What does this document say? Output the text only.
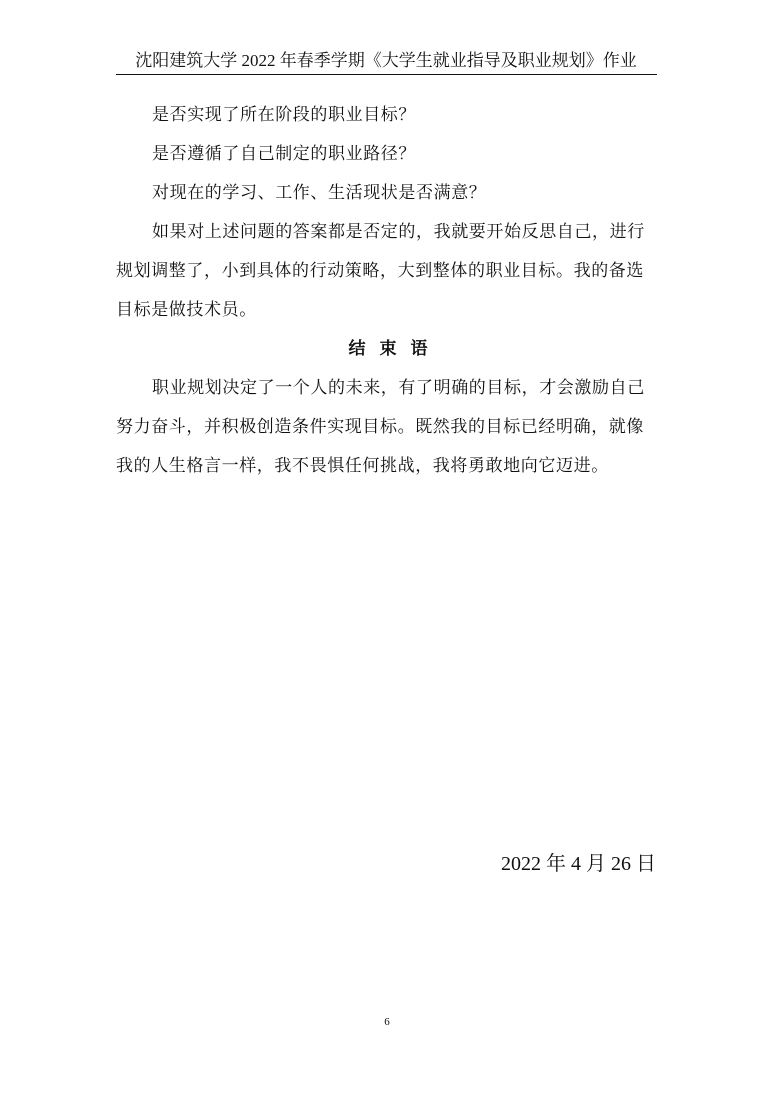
沈阳建筑大学 2022 年春季学期《大学生就业指导及职业规划》作业

是否实现了所在阶段的职业目标？

是否遵循了自己制定的职业路径？

对现在的学习、工作、生活现状是否满意？

如果对上述问题的答案都是否定的，我就要开始反思自己，进行

规划调整了，小到具体的行动策略，大到整体的职业目标。我的备选

目标是做技术员。

结束语

职业规划决定了一个人的未来，有了明确的目标，才会激励自己

努力奋斗，并积极创造条件实现目标。既然我的目标已经明确，就像

我的人生格言一样，我不畏惧任何挑战，我将勇敢地向它迈进。

2022 年 4 月 26 日
6
